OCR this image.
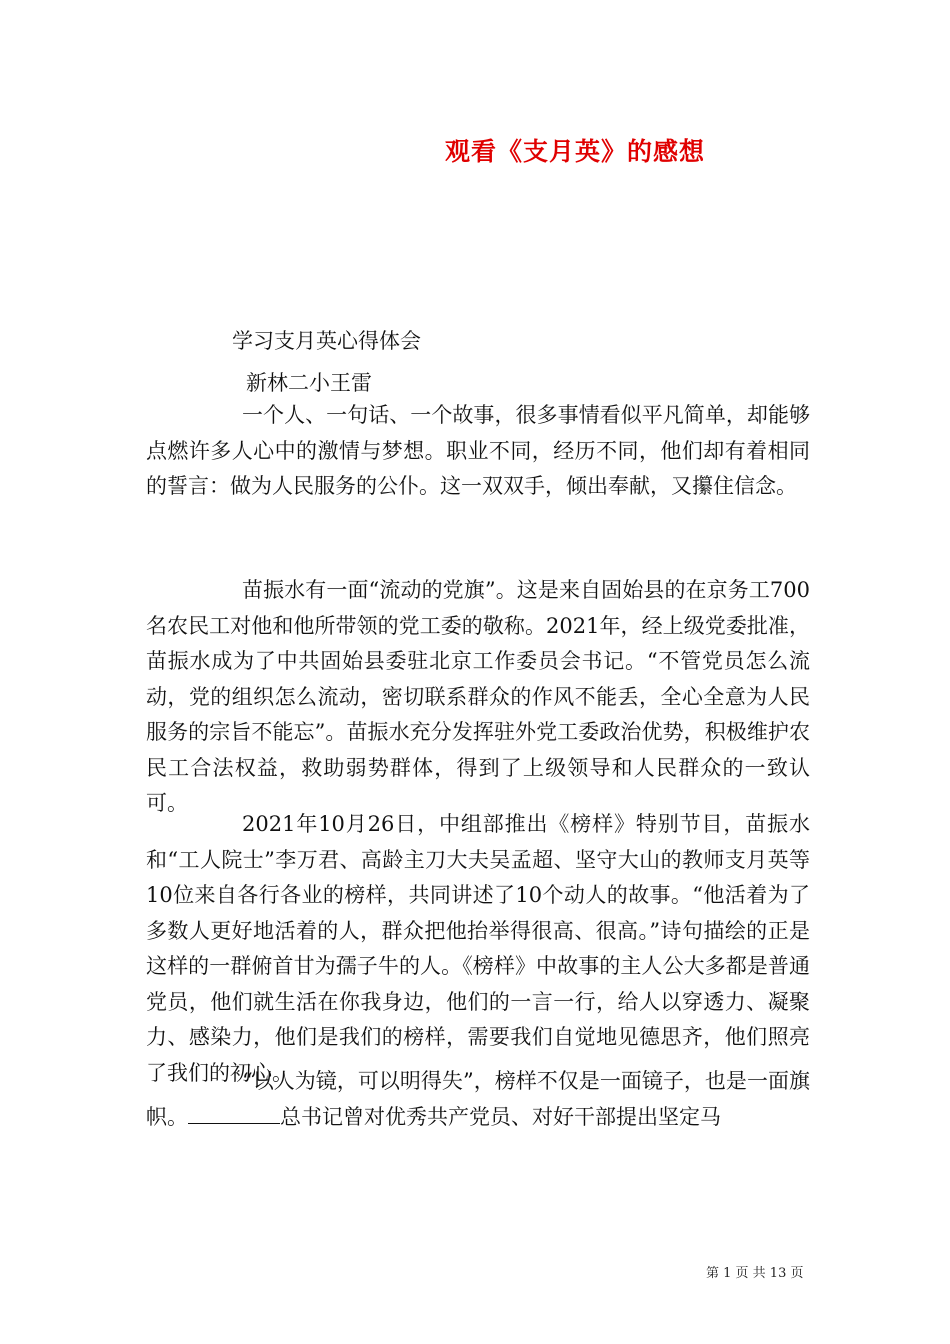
观看《支月英》的感想
学习支月英心得体会
新林二小王雷
一个人、一句话、一个故事，很多事情看似平凡简单，却能够点燃许多人心中的激情与梦想。职业不同，经历不同，他们却有着相同的誓言：做为人民服务的公仆。这一双双手，倾出奉献，又攥住信念。
苗振水有一面“流动的党旗”。这是来自固始县的在京务工700名农民工对他和他所带领的党工委的敬称。2021年，经上级党委批准，苗振水成为了中共固始县委驻北京工作委员会书记。“不管党员怎么流动，党的组织怎么流动，密切联系群众的作风不能丢，全心全意为人民服务的宗旨不能忘”。苗振水充分发挥驻外党工委政治优势，积极维护农民工合法权益，救助弱势群体，得到了上级领导和人民群众的一致认可。
2021年10月26日，中组部推出《榜样》特别节目，苗振水和“工人院士”李万君、高龄主刀大夫吴孟超、坚守大山的教师支月英等10位来自各行各业的榜样，共同讲述了10个动人的故事。“他活着为了多数人更好地活着的人，群众把他抬举得很高、很高。”诗句描绘的正是这样的一群俯首甘为孺子牛的人。《榜样》中故事的主人公大多都是普通党员，他们就生活在你我身边，他们的一言一行，给人以穿透力、凝聚力、感染力，他们是我们的榜样，需要我们自觉地见德思齐，他们照亮了我们的初心。
“以人为镜，可以明得失”，榜样不仅是一面镜子，也是一面旗帜。	总书记曾对优秀共产党员、对好干部提出坚定马
第 1 页 共 13 页
